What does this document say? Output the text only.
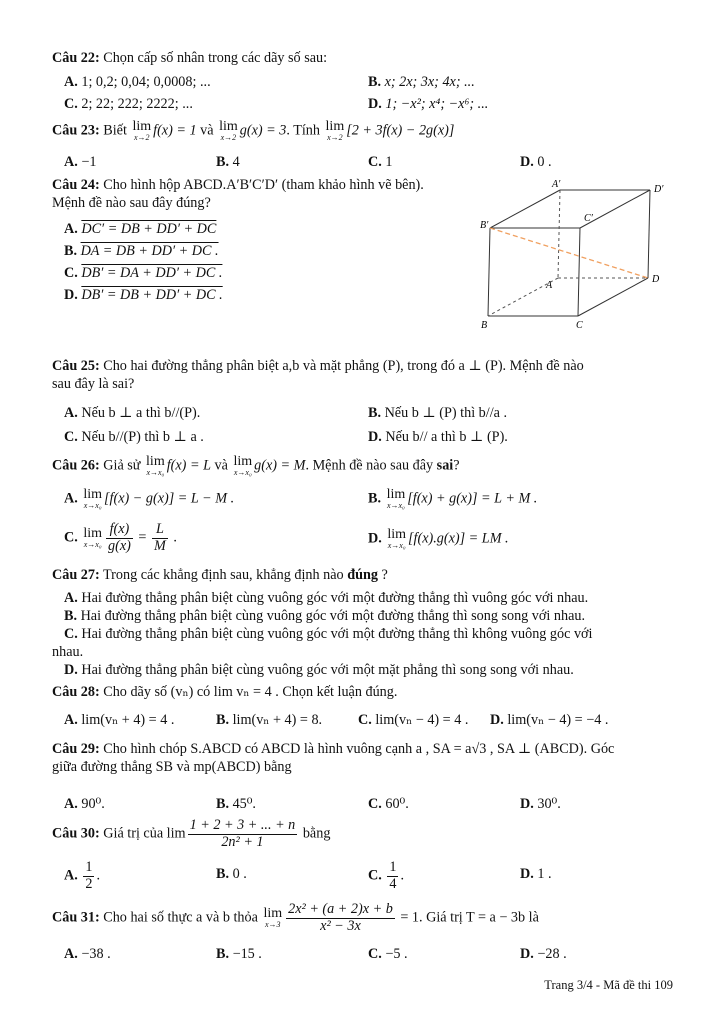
Câu 22: Chọn cấp số nhân trong các dãy số sau:
A. 1; 0,2; 0,04; 0,0008; ...	B. x; 2x; 3x; 4x; ...
C. 2; 22; 222; 2222; ...	D. 1; −x²; x⁴; −x⁶; ...
Câu 23: Biết lim
x→2 f(x) = 1 và lim
x→2 g(x) = 3. Tính lim
x→2 [2 + 3f(x) − 2g(x)]
A. −1	B. 4	C. 1	D. 0 .
Câu 24: Cho hình hộp ABCD.A′B′C′D′ (tham khảo hình vẽ bên).
Mệnh đề nào sau đây đúng?
A. DC′ = DB + DD′ + DC
B. DA = DB + DD′ + DC .
C. DB′ = DA + DD′ + DC .
D. DB′ = DB + DD′ + DC .
A′	D′
B′
C′
A
D
B	C
Câu 25: Cho hai đường thẳng phân biệt a,b và mặt phẳng (P), trong đó a ⊥ (P). Mệnh đề nào
sau đây là sai?
A. Nếu b ⊥ a thì b//(P).	B. Nếu b ⊥ (P) thì b//a .
C. Nếu b//(P) thì b ⊥ a .	D. Nếu b// a thì b ⊥ (P).
Câu 26: Giả sử lim
x→x₀ f(x) = L và lim
x→x₀ g(x) = M. Mệnh đề nào sau đây sai?
A. lim
x→x₀ [f(x) − g(x)] = L − M .	B. lim
x→x₀ [f(x) + g(x)] = L + M .
C. lim
$x\to x_0 \frac{f(x)}{g(x)} = \frac{L}{M}$ .	D. lim
x→x₀ [f(x).g(x)] = LM .
Câu 27: Trong các khẳng định sau, khẳng định nào đúng ?
A. Hai đường thẳng phân biệt cùng vuông góc với một đường thẳng thì vuông góc với nhau.
B. Hai đường thẳng phân biệt cùng vuông góc với một đường thẳng thì song song với nhau.
C. Hai đường thẳng phân biệt cùng vuông góc với một đường thẳng thì không vuông góc với
nhau.
D. Hai đường thẳng phân biệt cùng vuông góc với một mặt phẳng thì song song với nhau.
Câu 28: Cho dãy số (vₙ) có lim vₙ = 4 . Chọn kết luận đúng.
A. lim(vₙ + 4) = 4 .	B. lim(vₙ + 4) = 8.	C. lim(vₙ − 4) = 4 . D. lim(vₙ − 4) = −4 .
Câu 29: Cho hình chóp S.ABCD có ABCD là hình vuông cạnh a , SA = a√3 , SA ⊥ (ABCD). Góc
giữa đường thẳng SB và mp(ABCD) bằng
A. 90⁰.	B. 45⁰.	C. 60⁰.	D. 30⁰.
Câu 30: Giá trị của $\lim \frac{1 + 2 + 3 + ... + n}{\text{2n² + 1}}$ bằng
A. $\frac{1}{2}$ .	B. 0 .	C. $\frac{1}{4}$ .	D. 1 .
Câu 31: Cho hai số thực a và b thỏa lim
$x\to 3 \frac{\text{2x² + (a + 2)x + b}}{\text{x² − 3x}} = 1$. Giá trị T = a − 3b là
A. −38 .	B. −15 .	C. −5 .	D. −28 .
Trang 3/4 - Mã đề thi 109
